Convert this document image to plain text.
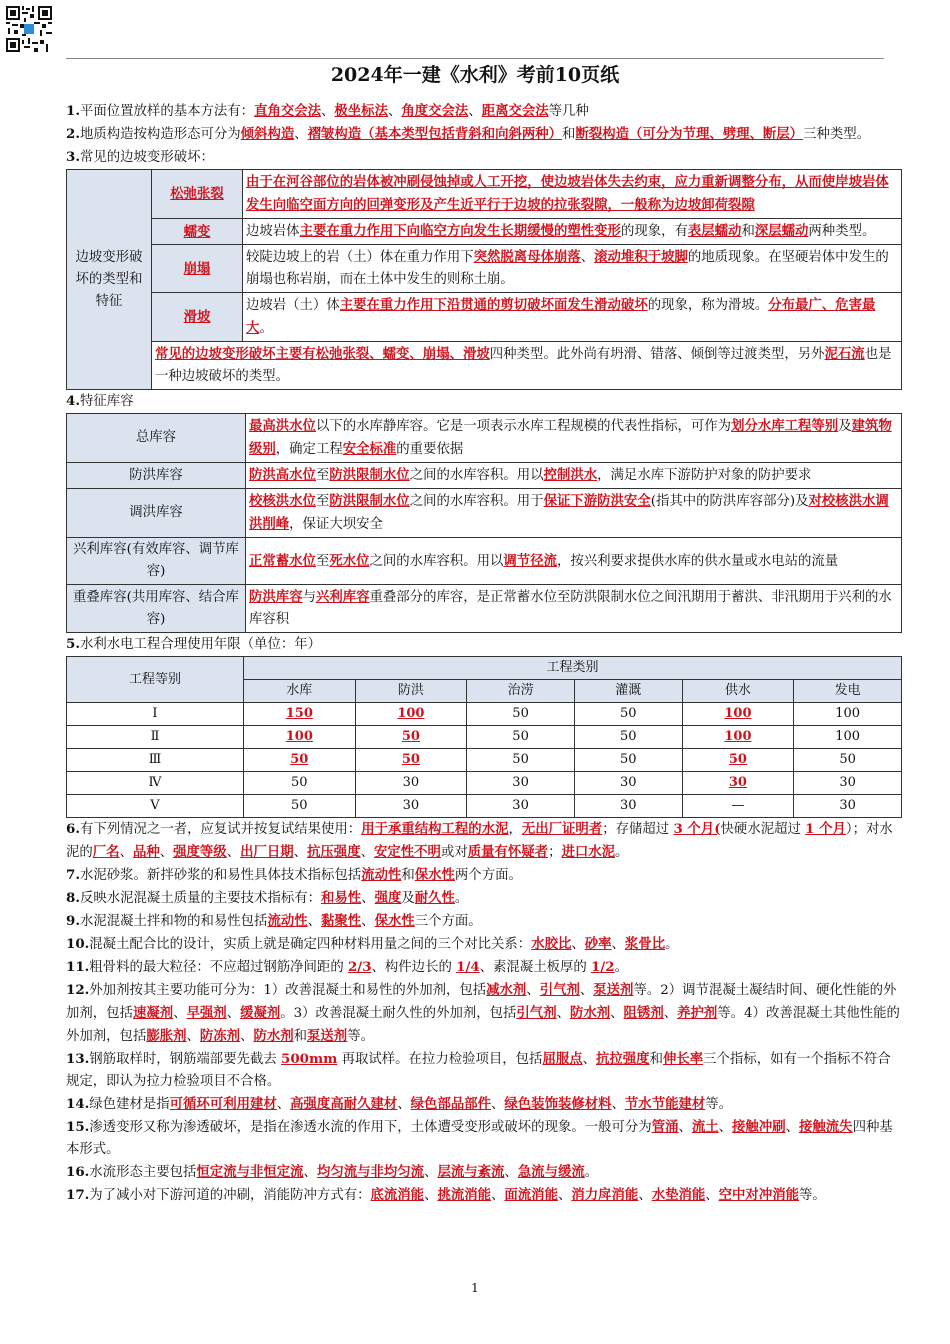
2024年一建《水利》考前10页纸

1.平面位置放样的基本方法有：直角交会法、极坐标法、角度交会法、距离交会法等几种

2.地质构造按构造形态可分为倾斜构造、褶皱构造（基本类型包括背斜和向斜两种）和断裂构造（可分为节理、劈理、断层）三种类型。

3.常见的边坡变形破坏：

边坡变形破坏的类型和特征	松弛张裂	由于在河谷部位的岩体被冲刷侵蚀掉或人工开挖，使边坡岩体失去约束，应力重新调整分布，从而使岸坡岩体发生向临空面方向的回弹变形及产生近平行于边坡的拉张裂隙，一般称为边坡卸荷裂隙
	蠕变	边坡岩体主要在重力作用下向临空方向发生长期缓慢的塑性变形的现象，有表层蠕动和深层蠕动两种类型。
	崩塌	较陡边坡上的岩（土）体在重力作用下突然脱离母体崩落、滚动堆积于坡脚的地质现象。在坚硬岩体中发生的崩塌也称岩崩，而在土体中发生的则称土崩。
	滑坡	边坡岩（土）体主要在重力作用下沿贯通的剪切破坏面发生滑动破坏的现象，称为滑坡。分布最广、危害最大。
	常见的边坡变形破坏主要有松弛张裂、蠕变、崩塌、滑坡四种类型。此外尚有坍滑、错落、倾倒等过渡类型，另外泥石流也是一种边坡破坏的类型。	

4.特征库容

总库容	最高洪水位以下的水库静库容。它是一项表示水库工程规模的代表性指标，可作为划分水库工程等别及建筑物级别，确定工程安全标准的重要依据
防洪库容	防洪高水位至防洪限制水位之间的水库容积。用以控制洪水，满足水库下游防护对象的防护要求
调洪库容	校核洪水位至防洪限制水位之间的水库容积。用于保证下游防洪安全(指其中的防洪库容部分)及对校核洪水调洪削峰，保证大坝安全
兴利库容(有效库容、调节库容)	正常蓄水位至死水位之间的水库容积。用以调节径流，按兴利要求提供水库的供水量或水电站的流量
重叠库容(共用库容、结合库容)	防洪库容与兴利库容重叠部分的库容，是正常蓄水位至防洪限制水位之间汛期用于蓄洪、非汛期用于兴利的水库容积

5.水利水电工程合理使用年限（单位：年）

工程等别	工程类别					
	水库	防洪	治涝	灌溉	供水	发电
Ⅰ	150	100	50	50	100	100
Ⅱ	100	50	50	50	100	100
Ⅲ	50	50	50	50	50	50
Ⅳ	50	30	30	30	30	30
Ⅴ	50	30	30	30	—	30

6.有下列情况之一者，应复试并按复试结果使用：用于承重结构工程的水泥，无出厂证明者；存储超过 3 个月(快硬水泥超过 1 个月）；对水泥的厂名、品种、强度等级、出厂日期、抗压强度、安定性不明或对质量有怀疑者；进口水泥。

7.水泥砂浆。新拌砂浆的和易性具体技术指标包括流动性和保水性两个方面。

8.反映水泥混凝土质量的主要技术指标有：和易性、强度及耐久性。

9.水泥混凝土拌和物的和易性包括流动性、黏聚性、保水性三个方面。

10.混凝土配合比的设计，实质上就是确定四种材料用量之间的三个对比关系：水胶比、砂率、浆骨比。

11.粗骨料的最大粒径：不应超过钢筋净间距的 2/3、构件边长的 1/4、素混凝土板厚的 1/2。

12.外加剂按其主要功能可分为：1）改善混凝土和易性的外加剂，包括减水剂、引气剂、泵送剂等。2）调节混凝土凝结时间、硬化性能的外加剂，包括速凝剂、早强剂、缓凝剂。3）改善混凝土耐久性的外加剂，包括引气剂、防水剂、阻锈剂、养护剂等。4）改善混凝土其他性能的外加剂，包括膨胀剂、防冻剂、防水剂和泵送剂等。

13.钢筋取样时，钢筋端部要先截去 500mm 再取试样。在拉力检验项目，包括屈服点、抗拉强度和伸长率三个指标，如有一个指标不符合规定，即认为拉力检验项目不合格。

14.绿色建材是指可循环可利用建材、高强度高耐久建材、绿色部品部件、绿色装饰装修材料、节水节能建材等。

15.渗透变形又称为渗透破坏，是指在渗透水流的作用下，土体遭受变形或破坏的现象。一般可分为管涌、流土、接触冲刷、接触流失四种基本形式。

16.水流形态主要包括恒定流与非恒定流、均匀流与非均匀流、层流与紊流、急流与缓流。

17.为了减小对下游河道的冲刷，消能防冲方式有：底流消能、挑流消能、面流消能、消力戽消能、水垫消能、空中对冲消能等。

1
